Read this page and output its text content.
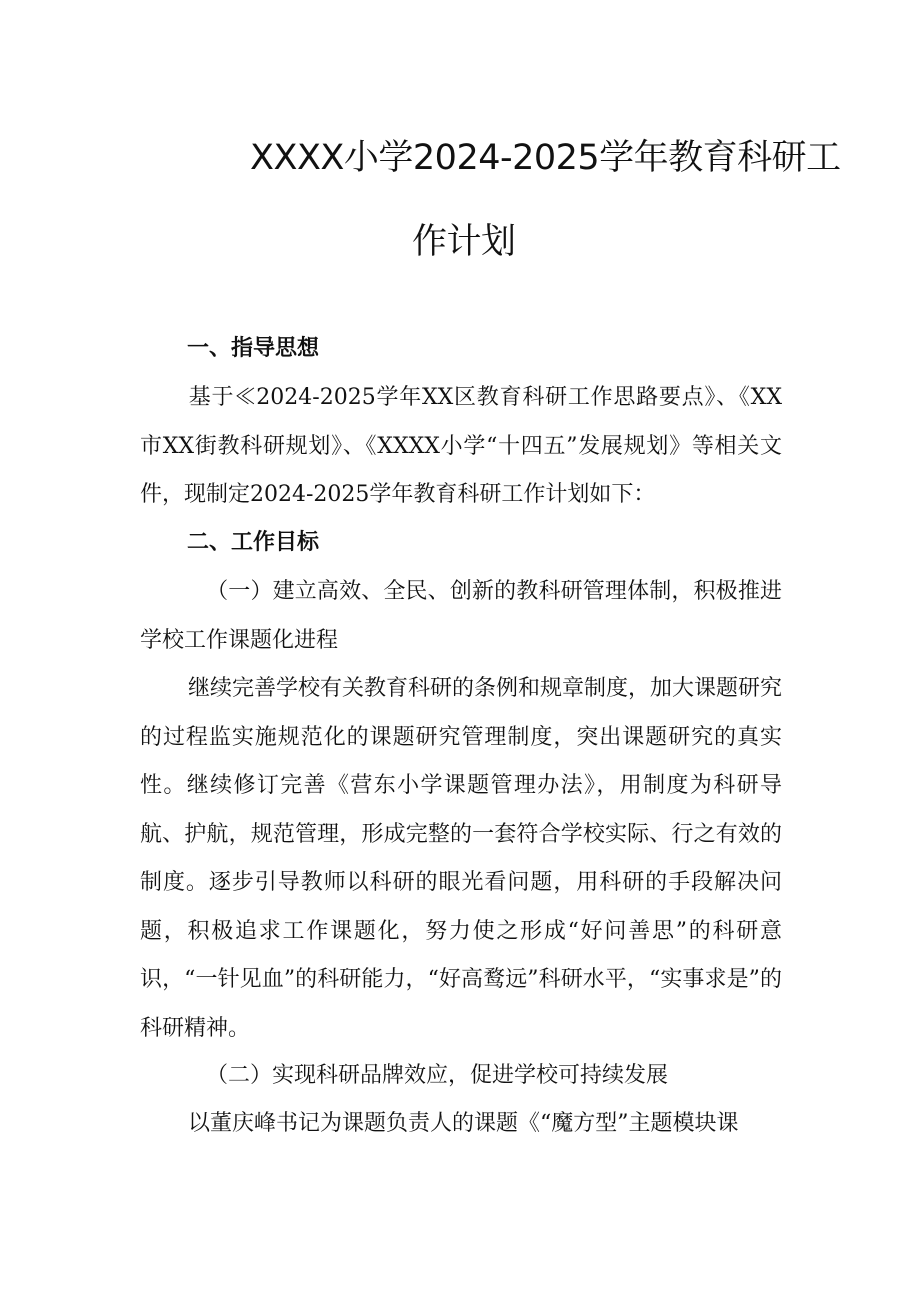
XXXX小学2024-2025学年教育科研工
作计划
一、指导思想
基于≪2024-2025学年XX区教育科研工作思路要点》、《XX市XX街教科研规划》、《XXXX小学“十四五”发展规划》等相关文件，现制定2024-2025学年教育科研工作计划如下：
二、工作目标
（一）建立高效、全民、创新的教科研管理体制，积极推进学校工作课题化进程
继续完善学校有关教育科研的条例和规章制度，加大课题研究的过程监实施规范化的课题研究管理制度，突出课题研究的真实性。继续修订完善《营东小学课题管理办法》，用制度为科研导航、护航，规范管理，形成完整的一套符合学校实际、行之有效的制度。逐步引导教师以科研的眼光看问题，用科研的手段解决问题，积极追求工作课题化，努力使之形成“好问善思”的科研意识，“一针见血”的科研能力，“好高鹜远”科研水平，“实事求是”的科研精神。
（二）实现科研品牌效应，促进学校可持续发展
以董庆峰书记为课题负责人的课题《“魔方型”主题模块课
